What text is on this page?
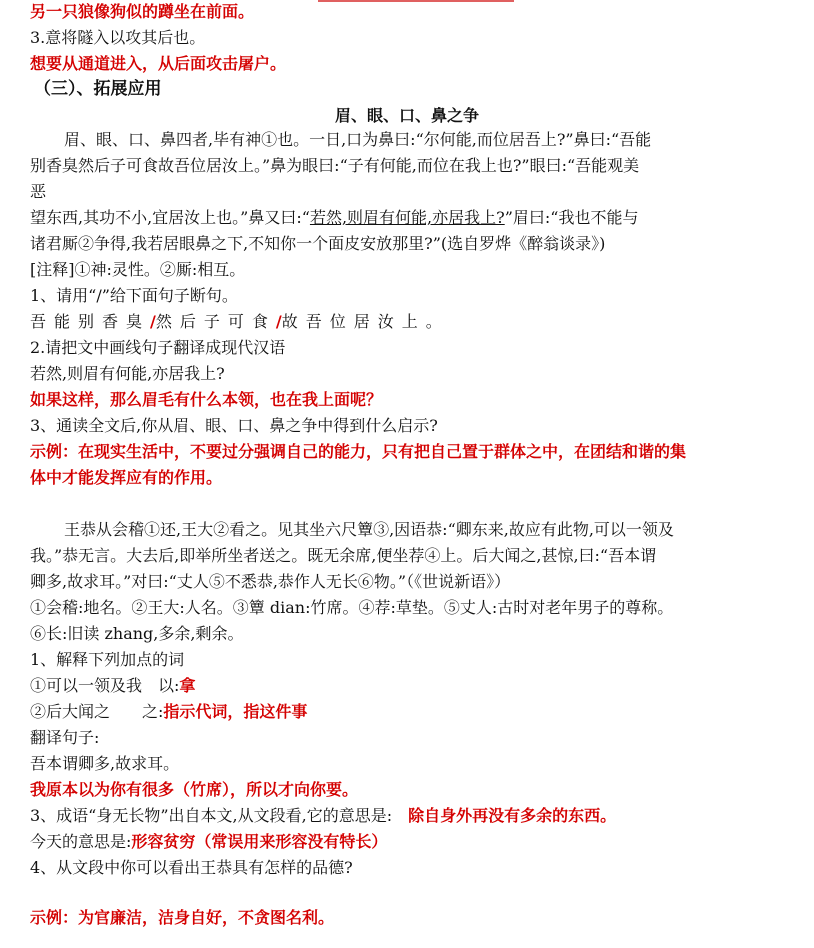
另一只狼像狗似的蹲坐在前面。
3.意将隧入以攻其后也。
想要从通道进入，从后面攻击屠户。
（三）、拓展应用
眉、眼、口、鼻之争
眉、眼、口、鼻四者,毕有神①也。一日,口为鼻曰:“尔何能,而位居吾上?”鼻曰:“吾能
别香臭然后子可食故吾位居汝上。”鼻为眼曰:“子有何能,而位在我上也?”眼曰:“吾能观美
恶
望东西,其功不小,宜居汝上也。”鼻又曰:“若然,则眉有何能,亦居我上?”眉曰:“我也不能与
诸君厮②争得,我若居眼鼻之下,不知你一个面皮安放那里?”(选自罗烨《醉翁谈录》)
[注释]①神:灵性。②厮:相互。
1、请用“/”给下面句子断句。
吾能别香臭/然后子可食/故吾位居汝上。
2.请把文中画线句子翻译成现代汉语
若然,则眉有何能,亦居我上?
如果这样，那么眉毛有什么本领，也在我上面呢？
3、通读全文后,你从眉、眼、口、鼻之争中得到什么启示?
示例：在现实生活中，不要过分强调自己的能力，只有把自己置于群体之中，在团结和谐的集
体中才能发挥应有的作用。
王恭从会稽①还,王大②看之。见其坐六尺簟③,因语恭:“卿东来,故应有此物,可以一领及
我。”恭无言。大去后,即举所坐者送之。既无余席,便坐荐④上。后大闻之,甚惊,曰:“吾本谓
卿多,故求耳。”对曰:“丈人⑤不悉恭,恭作人无长⑥物。”（《世说新语》）
①会稽:地名。②王大:人名。③簟 dian:竹席。④荐:草垫。⑤丈人:古时对老年男子的尊称。
⑥长:旧读 zhang,多余,剩余。
1、解释下列加点的词
①可以一领及我　以:拿
②后大闻之　　之:指示代词，指这件事
翻译句子:
吾本谓卿多,故求耳。
我原本以为你有很多（竹席），所以才向你要。
3、成语“身无长物”出自本文,从文段看,它的意思是:　除自身外再没有多余的东西。
今天的意思是:形容贫穷（常误用来形容没有特长）
4、从文段中你可以看出王恭具有怎样的品德?
示例：为官廉洁，洁身自好，不贪图名利。
